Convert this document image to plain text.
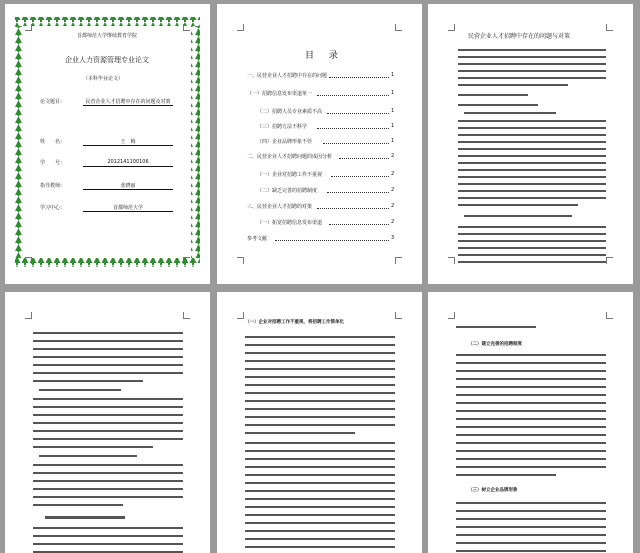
首都师范大学继续教育学院
企业人力资源管理专业论文
（本科毕业论文）
论文题目：	民营企业人才招聘中存在的问题及对策
姓　　名：	王　梅
学　　号：	2012141100106
指导教师：	张晓丽
学习中心：	首都师范大学
目 录
一、民营企业人才招聘中存在的问题	1
（一）招聘信息发布渠道单一	1
（二）招聘人员专业素质不高	1
（三）招聘方法不科学	1
（四）企业品牌形象不佳	1
二、民营企业人才招聘问题的成因分析	2
（一）企业对招聘工作不重视	2
（二）缺乏完善的招聘制度	2
三、民营企业人才招聘的对策	2
（一）拓宽招聘信息发布渠道	2
参考文献	3
民营企业人才招聘中存在的问题与对策
（一）企业对招聘工作不重视，将招聘工作简单化
（二）建立完善的招聘制度
（三）树立企业品牌形象
